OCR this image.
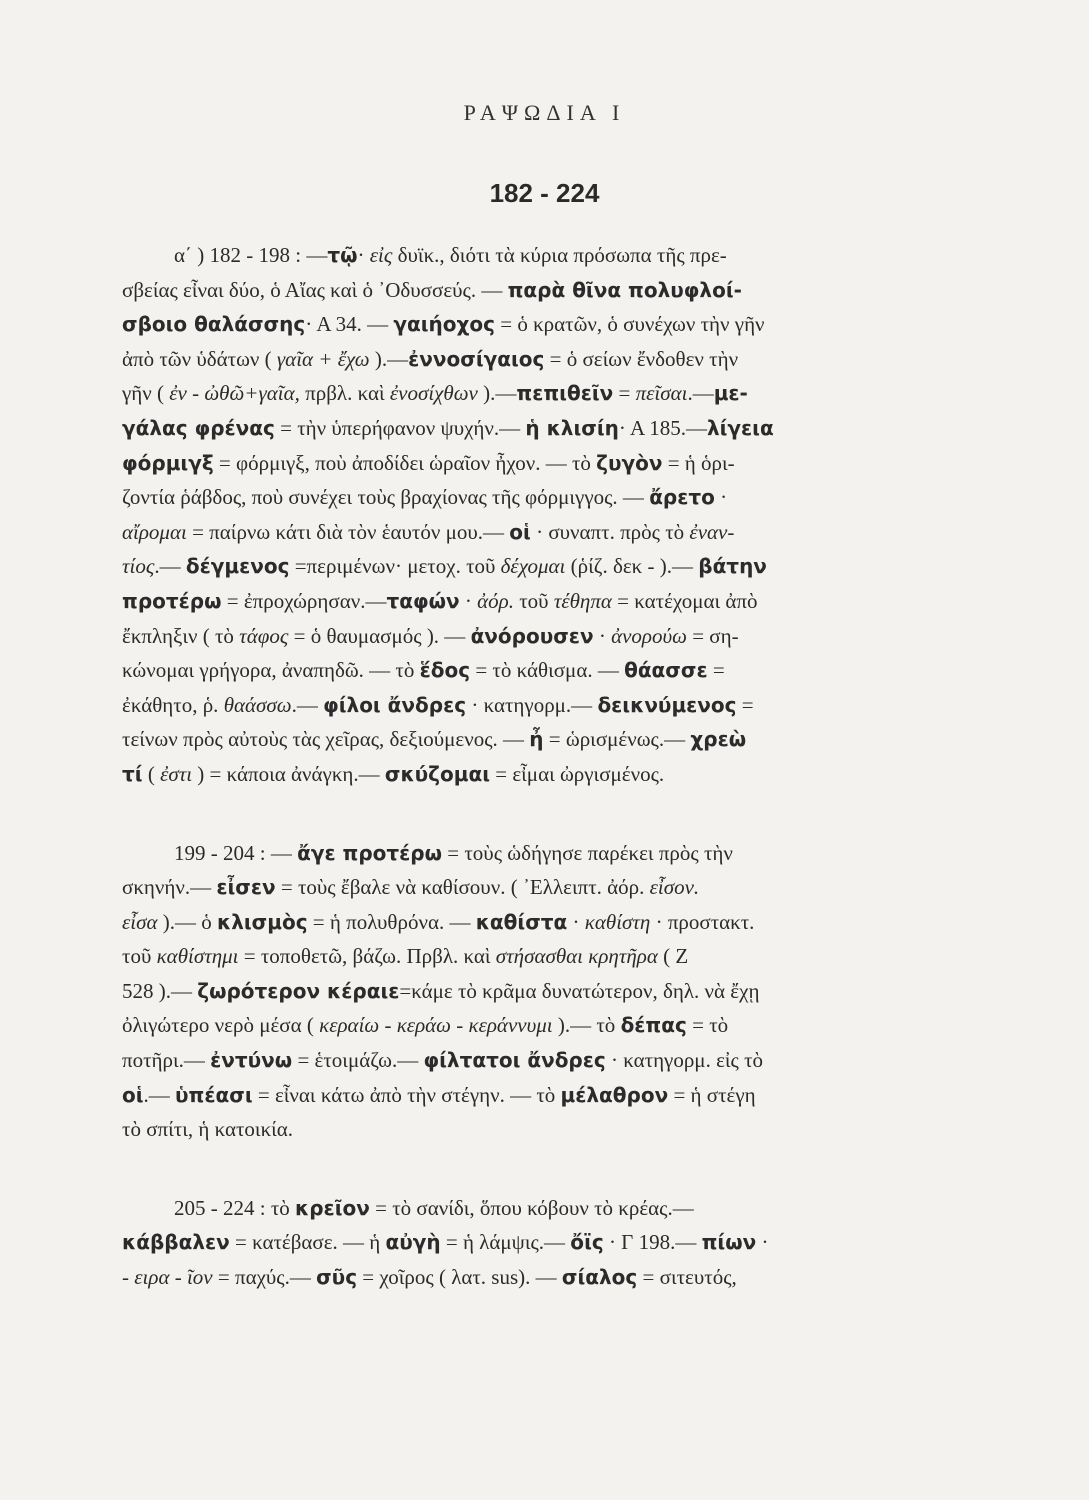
ΡΑΨΩΔΙΑ Ι
182 - 224

α΄ ) 182 - 198 : —τῷ· εἰς δυϊκ., διότι τὰ κύρια πρόσωπα τῆς πρε-
σβείας εἶναι δύο, ὁ Αἴας καὶ ὁ ᾽Οδυσσεύς. — παρὰ θῖνα πολυφλοί-
σβοιο θαλάσσης· Α 34. — γαιήοχος = ὁ κρατῶν, ὁ συνέχων τὴν γῆν
ἀπὸ τῶν ὑδάτων ( γαῖα + ἔχω ).—ἐννοσίγαιος = ὁ σείων ἔνδοθεν τὴν
γῆν ( ἐν - ὠθῶ+γαῖα, πρβλ. καὶ ἐνοσίχθων ).—πεπιθεῖν = πεῖσαι.—με-
γάλας φρένας = τὴν ὑπερήφανον ψυχήν.— ἡ κλισίη· Α 185.—λίγεια
φόρμιγξ = φόρμιγξ, ποὺ ἀποδίδει ὡραῖον ἦχον. — τὸ ζυγὸν = ἡ ὁρι-
ζοντία ῥάβδος, ποὺ συνέχει τοὺς βραχίονας τῆς φόρμιγγος. — ἄρετο ·
αἴρομαι = παίρνω κάτι διὰ τὸν ἑαυτόν μου.— οἱ · συναπτ. πρὸς τὸ ἐναν-
τίος.— δέγμενος =περιμένων· μετοχ. τοῦ δέχομαι (ῥίζ. δεκ - ).— βάτην
προτέρω = ἐπροχώρησαν.—ταφών · ἀόρ. τοῦ τέθηπα = κατέχομαι ἀπὸ
ἔκπληξιν ( τὸ τάφος = ὁ θαυμασμός ). — ἀνόρουσεν · ἀνορούω = ση-
κώνομαι γρήγορα, ἀναπηδῶ. — τὸ ἕδος = τὸ κάθισμα. — θάασσε =
ἐκάθητο, ῥ. θαάσσω.— φίλοι ἄνδρες · κατηγορμ.— δεικνύμενος =
τείνων πρὸς αὐτοὺς τὰς χεῖρας, δεξιούμενος. — ἦ = ὡρισμένως.— χρεὼ
τί ( ἐστι ) = κάποια ἀνάγκη.— σκύζομαι = εἶμαι ὠργισμένος.

199 - 204 : — ἄγε προτέρω = τοὺς ὡδήγησε παρέκει πρὸς τὴν
σκηνήν.— εἶσεν = τοὺς ἔβαλε νὰ καθίσουν. ( ᾽Ελλειπτ. ἀόρ. εἶσον.
εἶσα ).— ὁ κλισμὸς = ἡ πολυθρόνα. — καθίστα · καθίστη · προστακτ.
τοῦ καθίστημι = τοποθετῶ, βάζω. Πρβλ. καὶ στήσασθαι κρητῆρα ( Ζ
528 ).— ζωρότερον κέραιε=κάμε τὸ κρᾶμα δυνατώτερον, δηλ. νὰ ἔχῃ
ὀλιγώτερο νερὸ μέσα ( κεραίω - κεράω - κεράννυμι ).— τὸ δέπας = τὸ
ποτῆρι.— ἐντύνω = ἑτοιμάζω.— φίλτατοι ἄνδρες · κατηγορμ. εἰς τὸ
οἱ.— ὑπέασι = εἶναι κάτω ἀπὸ τὴν στέγην. — τὸ μέλαθρον = ἡ στέγη
τὸ σπίτι, ἡ κατοικία.

205 - 224 : τὸ κρεῖον = τὸ σανίδι, ὅπου κόβουν τὸ κρέας.—
κάββαλεν = κατέβασε. — ἡ αὐγὴ = ἡ λάμψις.— ὄϊς · Γ 198.— πίων ·
- ειρα - ῖον = παχύς.— σῦς = χοῖρος ( λατ. sus). — σίαλος = σιτευτός,
